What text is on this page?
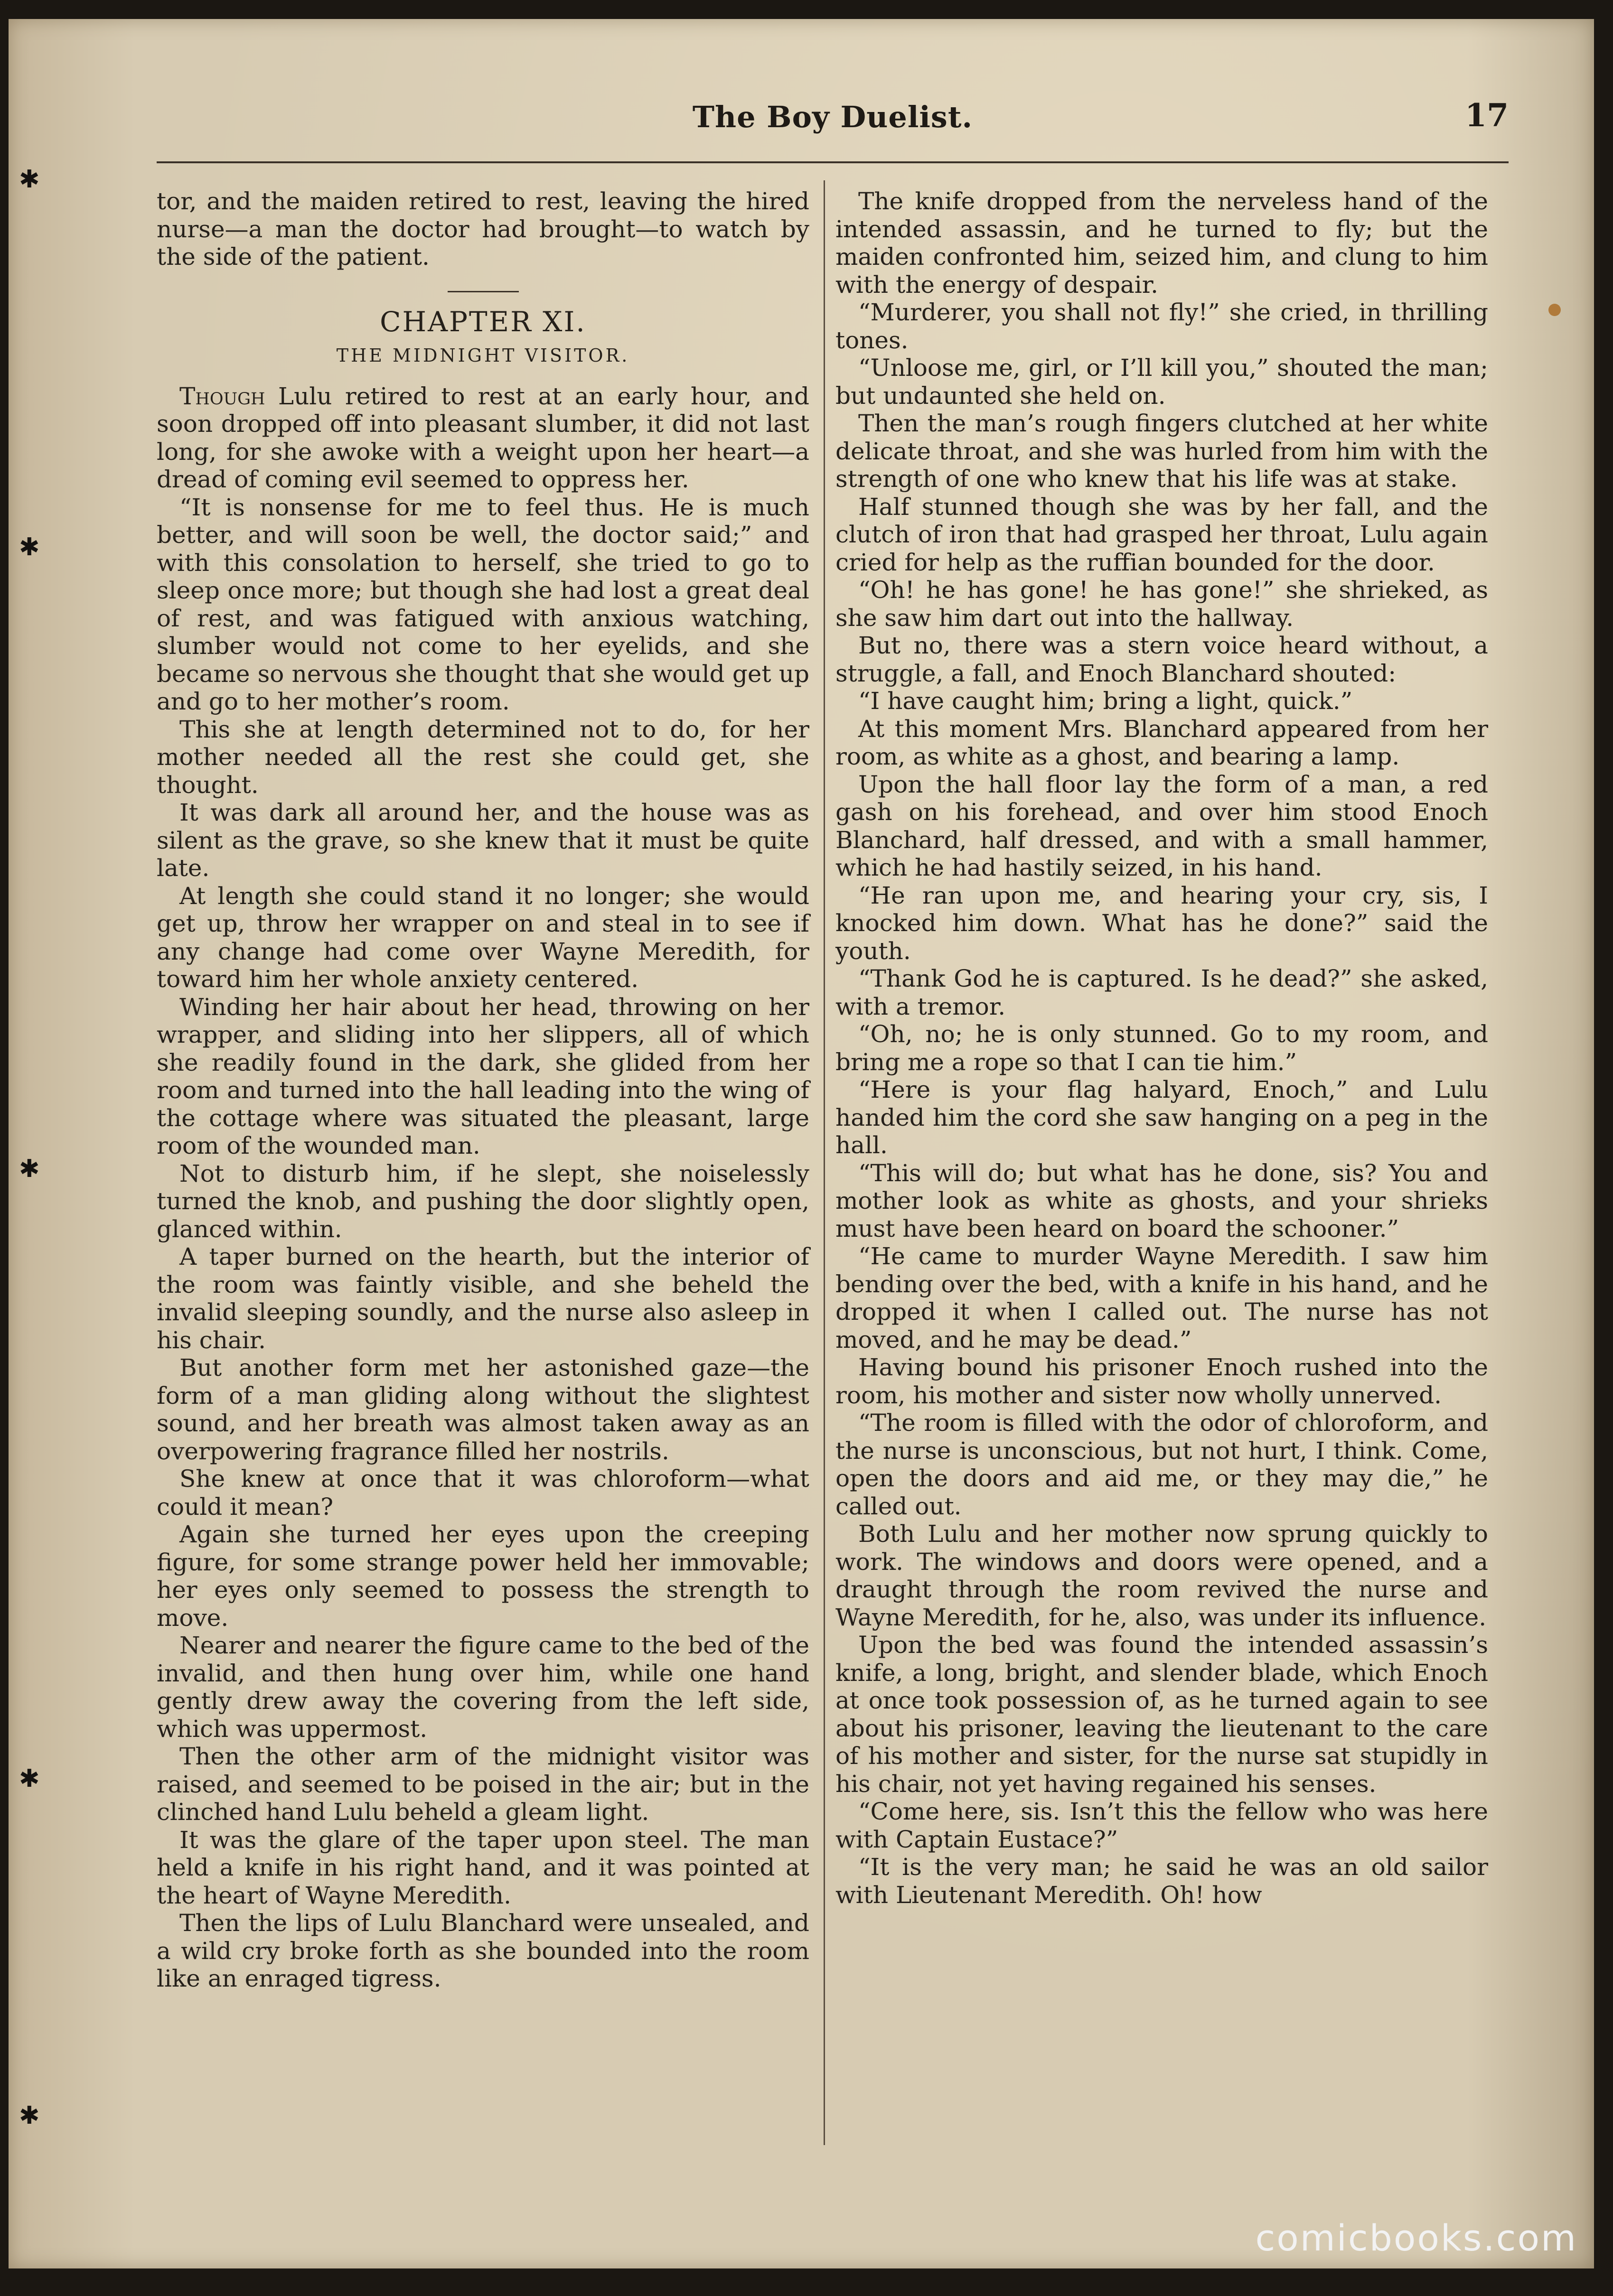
✱
✱
✱
✱
✱
The Boy Duelist.	17

tor, and the maiden retired to rest, leaving the hired nurse—a man the doctor had brought—to watch by the side of the patient.

CHAPTER XI.
THE MIDNIGHT VISITOR.

Though Lulu retired to rest at an early hour, and soon dropped off into pleasant slumber, it did not last long, for she awoke with a weight upon her heart—a dread of coming evil seemed to oppress her.

“It is nonsense for me to feel thus. He is much better, and will soon be well, the doctor said;” and with this consolation to herself, she tried to go to sleep once more; but though she had lost a great deal of rest, and was fatigued with anxious watching, slumber would not come to her eyelids, and she became so nervous she thought that she would get up and go to her mother’s room.

This she at length determined not to do, for her mother needed all the rest she could get, she thought.

It was dark all around her, and the house was as silent as the grave, so she knew that it must be quite late.

At length she could stand it no longer; she would get up, throw her wrapper on and steal in to see if any change had come over Wayne Meredith, for toward him her whole anxiety centered.

Winding her hair about her head, throwing on her wrapper, and sliding into her slippers, all of which she readily found in the dark, she glided from her room and turned into the hall leading into the wing of the cottage where was situated the pleasant, large room of the wounded man.

Not to disturb him, if he slept, she noiselessly turned the knob, and pushing the door slightly open, glanced within.

A taper burned on the hearth, but the interior of the room was faintly visible, and she beheld the invalid sleeping soundly, and the nurse also asleep in his chair.

But another form met her astonished gaze—the form of a man gliding along without the slightest sound, and her breath was almost taken away as an overpowering fragrance filled her nostrils.

She knew at once that it was chloroform—what could it mean?

Again she turned her eyes upon the creeping figure, for some strange power held her immovable; her eyes only seemed to possess the strength to move.

Nearer and nearer the figure came to the bed of the invalid, and then hung over him, while one hand gently drew away the covering from the left side, which was uppermost.

Then the other arm of the midnight visitor was raised, and seemed to be poised in the air; but in the clinched hand Lulu beheld a gleam light.

It was the glare of the taper upon steel. The man held a knife in his right hand, and it was pointed at the heart of Wayne Meredith.

Then the lips of Lulu Blanchard were unsealed, and a wild cry broke forth as she bounded into the room like an enraged tigress.

The knife dropped from the nerveless hand of the intended assassin, and he turned to fly; but the maiden confronted him, seized him, and clung to him with the energy of despair.

“Murderer, you shall not fly!” she cried, in thrilling tones.

“Unloose me, girl, or I’ll kill you,” shouted the man; but undaunted she held on.

Then the man’s rough fingers clutched at her white delicate throat, and she was hurled from him with the strength of one who knew that his life was at stake.

Half stunned though she was by her fall, and the clutch of iron that had grasped her throat, Lulu again cried for help as the ruffian bounded for the door.

“Oh! he has gone! he has gone!” she shrieked, as she saw him dart out into the hallway.

But no, there was a stern voice heard without, a struggle, a fall, and Enoch Blanchard shouted:

“I have caught him; bring a light, quick.”

At this moment Mrs. Blanchard appeared from her room, as white as a ghost, and bearing a lamp.

Upon the hall floor lay the form of a man, a red gash on his forehead, and over him stood Enoch Blanchard, half dressed, and with a small hammer, which he had hastily seized, in his hand.

“He ran upon me, and hearing your cry, sis, I knocked him down. What has he done?” said the youth.

“Thank God he is captured. Is he dead?” she asked, with a tremor.

“Oh, no; he is only stunned. Go to my room, and bring me a rope so that I can tie him.”

“Here is your flag halyard, Enoch,” and Lulu handed him the cord she saw hanging on a peg in the hall.

“This will do; but what has he done, sis? You and mother look as white as ghosts, and your shrieks must have been heard on board the schooner.”

“He came to murder Wayne Meredith. I saw him bending over the bed, with a knife in his hand, and he dropped it when I called out. The nurse has not moved, and he may be dead.”

Having bound his prisoner Enoch rushed into the room, his mother and sister now wholly unnerved.

“The room is filled with the odor of chloroform, and the nurse is unconscious, but not hurt, I think. Come, open the doors and aid me, or they may die,” he called out.

Both Lulu and her mother now sprung quickly to work. The windows and doors were opened, and a draught through the room revived the nurse and Wayne Meredith, for he, also, was under its influence.

Upon the bed was found the intended assassin’s knife, a long, bright, and slender blade, which Enoch at once took possession of, as he turned again to see about his prisoner, leaving the lieutenant to the care of his mother and sister, for the nurse sat stupidly in his chair, not yet having regained his senses.

“Come here, sis. Isn’t this the fellow who was here with Captain Eustace?”

“It is the very man; he said he was an old sailor with Lieutenant Meredith. Oh! how

comicbooks.com
